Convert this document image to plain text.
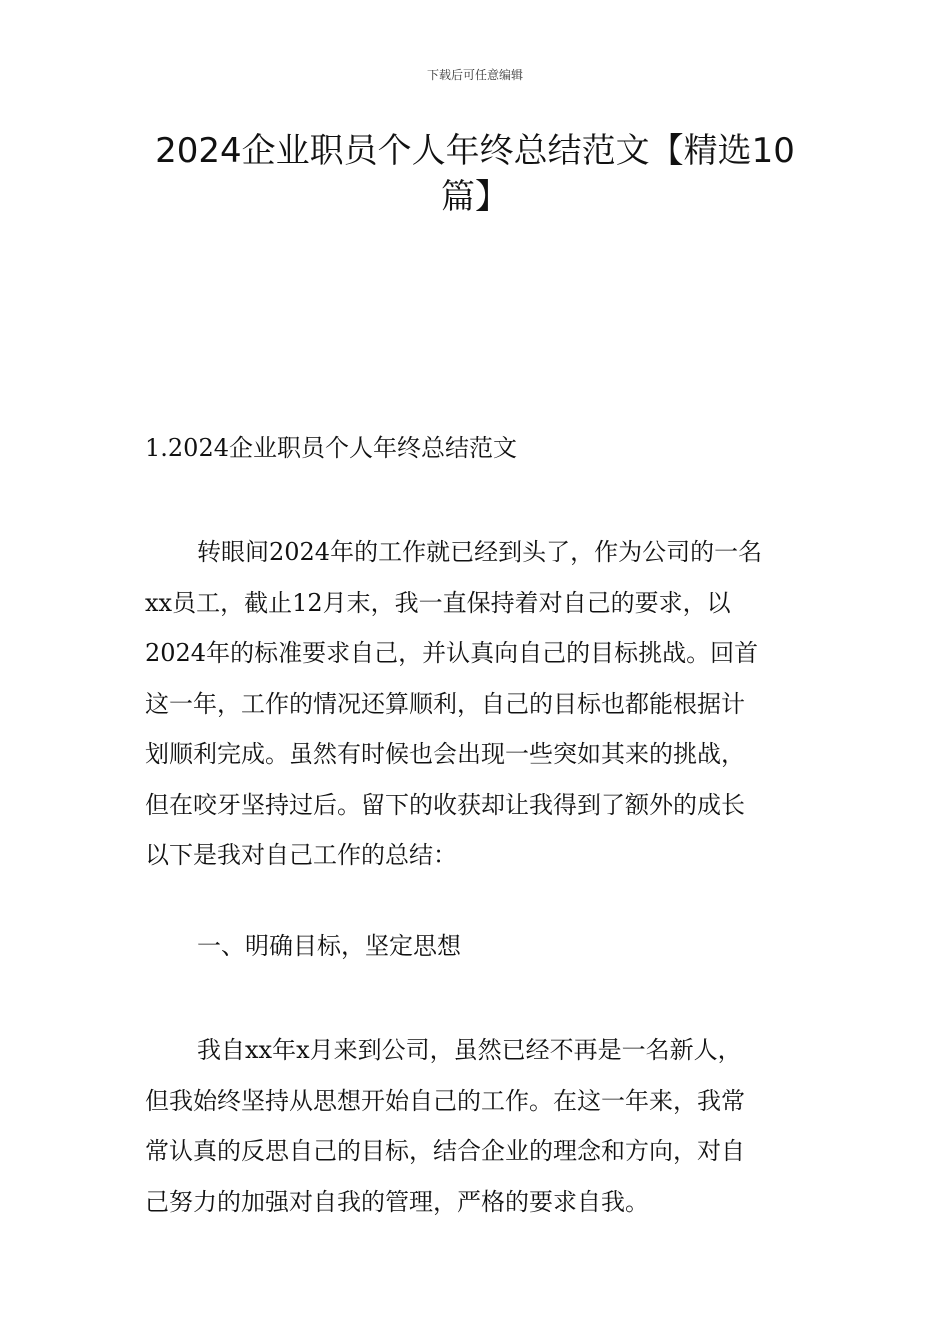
下载后可任意编辑
2024企业职员个人年终总结范文【精选10
篇】
1.2024企业职员个人年终总结范文

转眼间2024年的工作就已经到头了，作为公司的一名
xx员工，截止12月末，我一直保持着对自己的要求，以
2024年的标准要求自己，并认真向自己的目标挑战。回首
这一年，工作的情况还算顺利，自己的目标也都能根据计
划顺利完成。虽然有时候也会出现一些突如其来的挑战，
但在咬牙坚持过后。留下的收获却让我得到了额外的成长
以下是我对自己工作的总结：

一、明确目标，坚定思想

我自xx年x月来到公司，虽然已经不再是一名新人，
但我始终坚持从思想开始自己的工作。在这一年来，我常
常认真的反思自己的目标，结合企业的理念和方向，对自
己努力的加强对自我的管理，严格的要求自我。
